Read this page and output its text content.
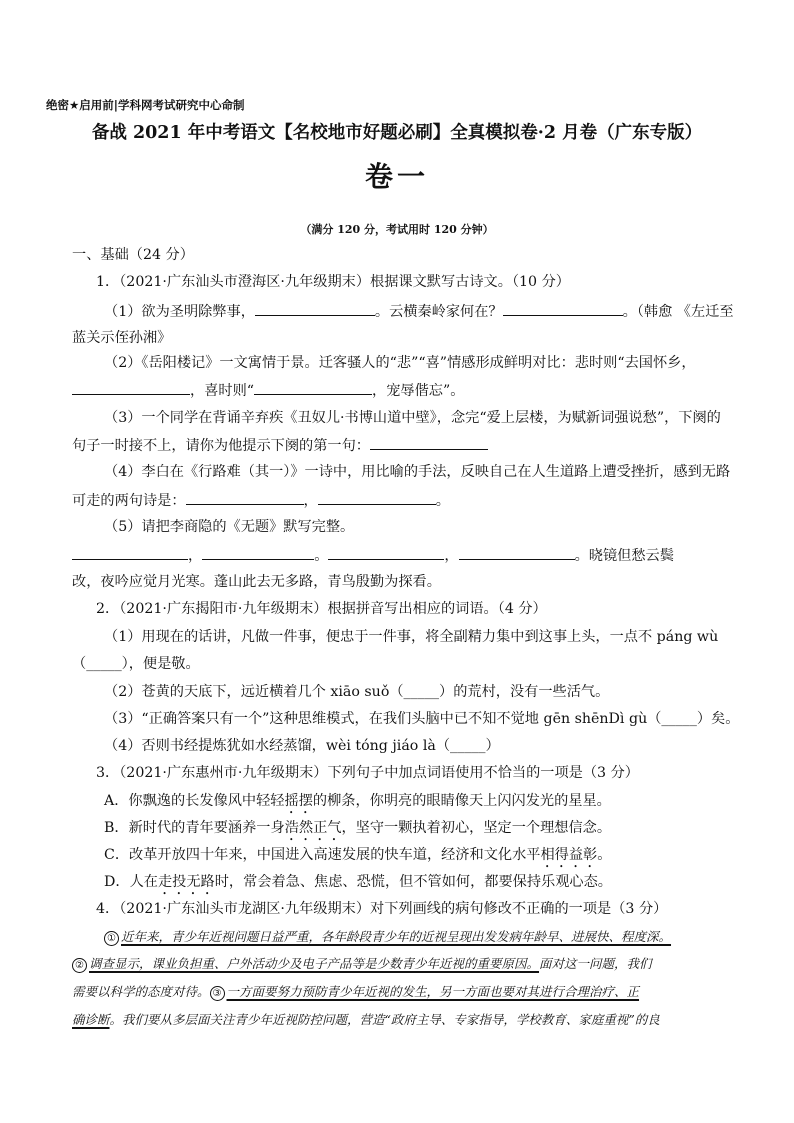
绝密★启用前|学科网考试研究中心命制
备战 2021 年中考语文【名校地市好题必刷】全真模拟卷·2 月卷（广东专版）
卷一
（满分 120 分，考试用时 120 分钟）
一、基础（24 分）
1．（2021·广东汕头市澄海区·九年级期末）根据课文默写古诗文。（10 分）
（1）欲为圣明除弊事，	。云横秦岭家何在？	。（韩愈 《左迁至
蓝关示侄孙湘》
（2）《岳阳楼记》一文寓情于景。迁客骚人的“悲”“喜”情感形成鲜明对比：悲时则“去国怀乡，
，喜时则“	，宠辱偕忘”。
（3）一个同学在背诵辛弃疾《丑奴儿·书博山道中壁》，念完“爱上层楼，为赋新词强说愁”，下阕的
句子一时接不上，请你为他提示下阕的第一句：
（4）李白在《行路难（其一）》一诗中，用比喻的手法，反映自己在人生道路上遭受挫折，感到无路
可走的两句诗是：	，	。
（5）请把李商隐的《无题》默写完整。
，	。	，	。晓镜但愁云鬓
改，夜吟应觉月光寒。蓬山此去无多路，青鸟殷勤为探看。
2．（2021·广东揭阳市·九年级期末）根据拼音写出相应的词语。（4 分）
（1）用现在的话讲，凡做一件事，便忠于一件事，将全副精力集中到这事上头，一点不 páng wù
（_____），便是敬。
（2）苍黄的天底下，远近横着几个 xiāo suǒ（_____）的荒村，没有一些活气。
（3）“正确答案只有一个”这种思维模式，在我们头脑中已不知不觉地 gēn shēnDì gù（_____）矣。
（4）否则书经提炼犹如水经蒸馏，wèi tóng jiáo là（_____）
3．（2021·广东惠州市·九年级期末）下列句子中加点词语使用不恰当的一项是（3 分）
A．你飘逸的长发像风中轻轻摇摆的柳条，你明亮的眼睛像天上闪闪发光的星星。
B．新时代的青年要涵养一身浩然正气，坚守一颗执着初心，坚定一个理想信念。
C．改革开放四十年来，中国进入高速发展的快车道，经济和文化水平相得益彰。
D．人在走投无路时，常会着急、焦虑、恐慌，但不管如何，都要保持乐观心态。
4．（2021·广东汕头市龙湖区·九年级期末）对下列画线的病句修改不正确的一项是（3 分）
① 近年来，青少年近视问题日益严重，各年龄段青少年的近视呈现出发发病年龄早、进展快、程度深。
② 调查显示，课业负担重、户外活动少及电子产品等是少数青少年近视的重要原因。面对这一问题，我们
需要以科学的态度对待。 ③ 一方面要努力预防青少年近视的发生，另一方面也要对其进行合理治疗、正
确诊断。我们要从多层面关注青少年近视防控问题，营造“政府主导、专家指导，学校教育、家庭重视”的良
